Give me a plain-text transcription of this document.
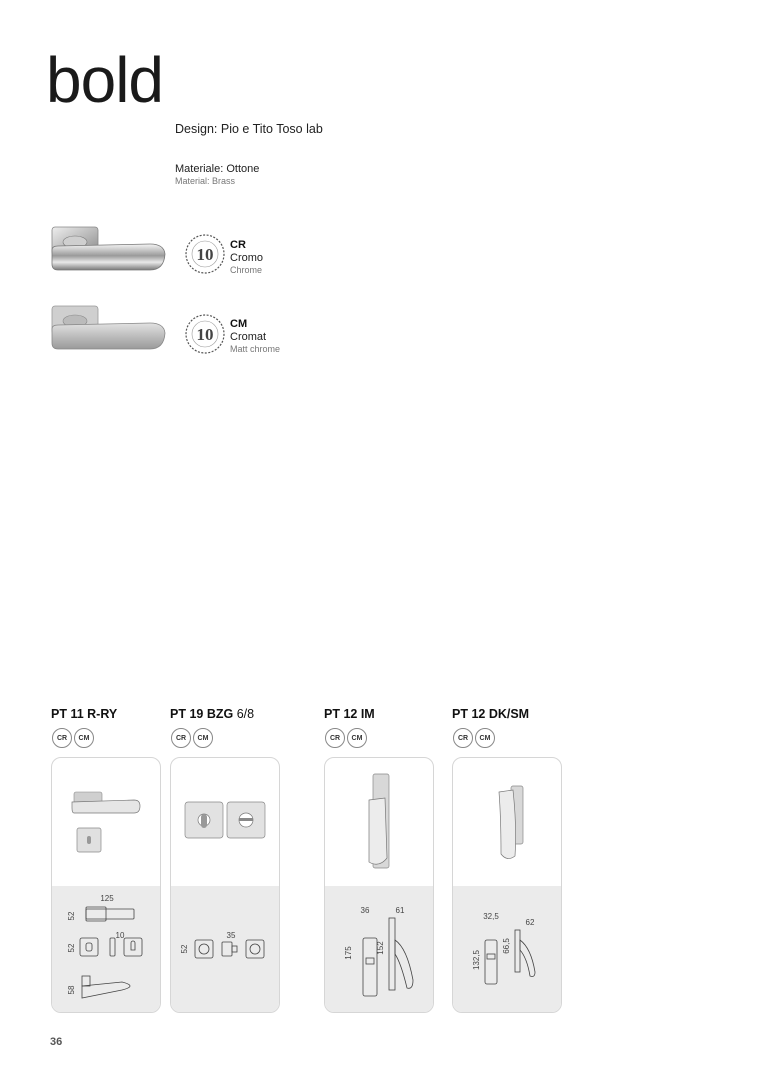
bold
Design: Pio e Tito Toso lab
Materiale: Ottone
Material: Brass
10 CR
Cromo
Chrome
10
CM
Cromat
Matt chrome
PT 11 R-RY
CR	CM
125
52
52
10
58
PT 19 BZG 6/8
CR	CM
52
35
PT 12 IM
CR	CM
36	61
175	152
PT 12 DK/SM
CR	CM
32,5
62
132,5
66,5
36
